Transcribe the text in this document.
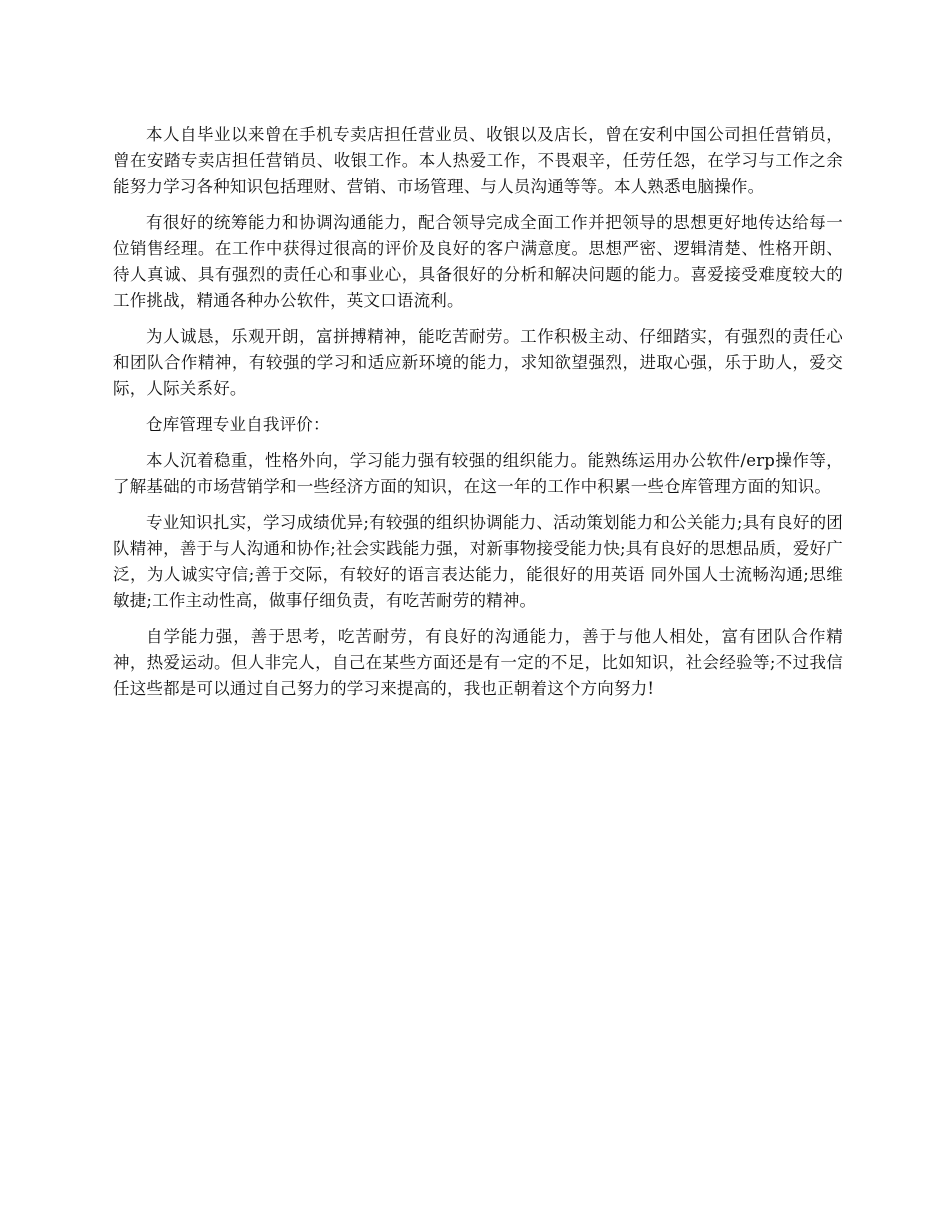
本人自毕业以来曾在手机专卖店担任营业员、收银以及店长，曾在安利中国公司担任营销员，曾在安踏专卖店担任营销员、收银工作。本人热爱工作，不畏艰辛，任劳任怨，在学习与工作之余能努力学习各种知识包括理财、营销、市场管理、与人员沟通等等。本人熟悉电脑操作。

有很好的统筹能力和协调沟通能力，配合领导完成全面工作并把领导的思想更好地传达给每一位销售经理。在工作中获得过很高的评价及良好的客户满意度。思想严密、逻辑清楚、性格开朗、待人真诚、具有强烈的责任心和事业心，具备很好的分析和解决问题的能力。喜爱接受难度较大的工作挑战，精通各种办公软件，英文口语流利。

为人诚恳，乐观开朗，富拼搏精神，能吃苦耐劳。工作积极主动、仔细踏实，有强烈的责任心和团队合作精神，有较强的学习和适应新环境的能力，求知欲望强烈，进取心强，乐于助人，爱交际，人际关系好。

仓库管理专业自我评价：

本人沉着稳重，性格外向，学习能力强有较强的组织能力。能熟练运用办公软件/erp操作等，了解基础的市场营销学和一些经济方面的知识，在这一年的工作中积累一些仓库管理方面的知识。

专业知识扎实，学习成绩优异;有较强的组织协调能力、活动策划能力和公关能力;具有良好的团队精神，善于与人沟通和协作;社会实践能力强，对新事物接受能力快;具有良好的思想品质，爱好广泛，为人诚实守信;善于交际，有较好的语言表达能力，能很好的用英语 同外国人士流畅沟通;思维敏捷;工作主动性高，做事仔细负责，有吃苦耐劳的精神。

自学能力强，善于思考，吃苦耐劳，有良好的沟通能力，善于与他人相处，富有团队合作精神，热爱运动。但人非完人，自己在某些方面还是有一定的不足，比如知识，社会经验等;不过我信任这些都是可以通过自己努力的学习来提高的，我也正朝着这个方向努力!
